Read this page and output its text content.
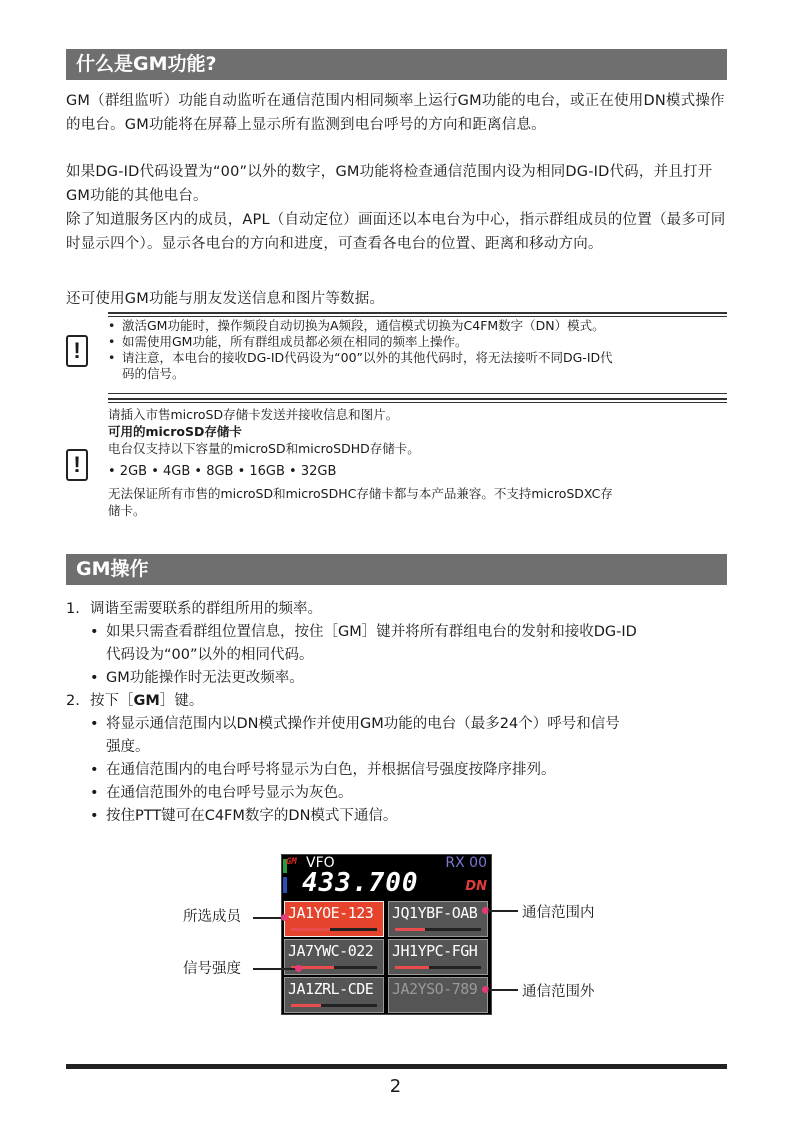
什么是GM功能?
GM（群组监听）功能自动监听在通信范围内相同频率上运行GM功能的电台，或正在使用DN模式操作的电台。GM功能将在屏幕上显示所有监测到电台呼号的方向和距离信息。
如果DG-ID代码设置为“00”以外的数字，GM功能将检查通信范围内设为相同DG-ID代码，并且打开GM功能的其他电台。
除了知道服务区内的成员，APL（自动定位）画面还以本电台为中心，指示群组成员的位置（最多可同时显示四个）。显示各电台的方向和进度，可查看各电台的位置、距离和移动方向。
还可使用GM功能与朋友发送信息和图片等数据。
!
• 激活GM功能时，操作频段自动切换为A频段，通信模式切换为C4FM数字（DN）模式。
• 如需使用GM功能，所有群组成员都必须在相同的频率上操作。
• 请注意，本电台的接收DG-ID代码设为“00”以外的其他代码时，将无法接听不同DG-ID代
码的信号。
!
请插入市售microSD存储卡发送并接收信息和图片。
可用的microSD存储卡
电台仅支持以下容量的microSD和microSDHD存储卡。
• 2GB • 4GB • 8GB • 16GB • 32GB
无法保证所有市售的microSD和microSDHC存储卡都与本产品兼容。不支持microSDXC存
储卡。
GM操作
1. 调谐至需要联系的群组所用的频率。
• 如果只需查看群组位置信息，按住［GM］键并将所有群组电台的发射和接收DG-ID
代码设为“00”以外的相同代码。
• GM功能操作时无法更改频率。
2. 按下［GM］键。
• 将显示通信范围内以DN模式操作并使用GM功能的电台（最多24个）呼号和信号
强度。
• 在通信范围内的电台呼号将显示为白色，并根据信号强度按降序排列。
• 在通信范围外的电台呼号显示为灰色。
• 按住PTT键可在C4FM数字的DN模式下通信。
GM VFO	RX 00
433.700	DN
JA1YOE-123 JQ1YBF-OAB
JA7YWC-022 JH1YPC-FGH
JA1ZRL-CDE JA2YSO-789
所选成员
信号强度
通信范围内
通信范围外
2
